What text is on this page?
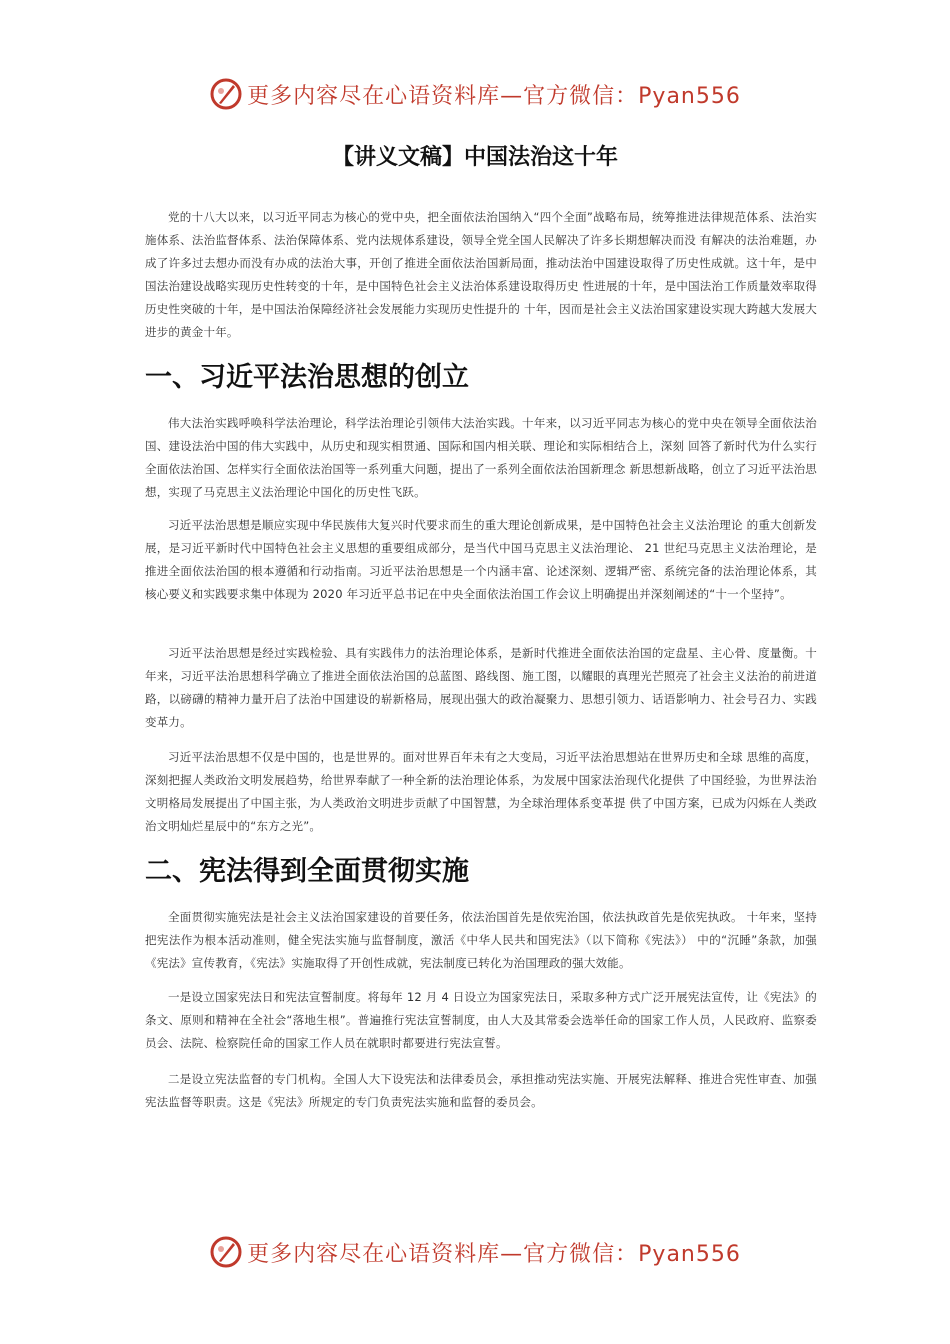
更多内容尽在心语资料库—官方微信：Pyan556
【讲义文稿】中国法治这十年

党的十八大以来，以习近平同志为核心的党中央，把全面依法治国纳入“四个全面”战略布局，统筹推进法律规范体系、法治实施体系、法治监督体系、法治保障体系、党内法规体系建设，领导全党全国人民解决了许多长期想解决而没 有解决的法治难题，办成了许多过去想办而没有办成的法治大事，开创了推进全面依法治国新局面，推动法治中国建设取得了历史性成就。这十年，是中国法治建设战略实现历史性转变的十年，是中国特色社会主义法治体系建设取得历史 性进展的十年，是中国法治工作质量效率取得历史性突破的十年，是中国法治保障经济社会发展能力实现历史性提升的 十年，因而是社会主义法治国家建设实现大跨越大发展大进步的黄金十年。

一、习近平法治思想的创立

伟大法治实践呼唤科学法治理论，科学法治理论引领伟大法治实践。十年来，以习近平同志为核心的党中央在领导全面依法治国、建设法治中国的伟大实践中，从历史和现实相贯通、国际和国内相关联、理论和实际相结合上，深刻 回答了新时代为什么实行全面依法治国、怎样实行全面依法治国等一系列重大问题，提出了一系列全面依法治国新理念 新思想新战略，创立了习近平法治思想，实现了马克思主义法治理论中国化的历史性飞跃。

习近平法治思想是顺应实现中华民族伟大复兴时代要求而生的重大理论创新成果，是中国特色社会主义法治理论 的重大创新发展，是习近平新时代中国特色社会主义思想的重要组成部分，是当代中国马克思主义法治理论、 21 世纪马克思主义法治理论，是推进全面依法治国的根本遵循和行动指南。习近平法治思想是一个内涵丰富、论述深刻、逻辑严密、系统完备的法治理论体系，其核心要义和实践要求集中体现为 2020 年习近平总书记在中央全面依法治国工作会议上明确提出并深刻阐述的“十一个坚持”。

习近平法治思想是经过实践检验、具有实践伟力的法治理论体系，是新时代推进全面依法治国的定盘星、主心骨、度量衡。十年来，习近平法治思想科学确立了推进全面依法治国的总蓝图、路线图、施工图，以耀眼的真理光芒照亮了社会主义法治的前进道路，以磅礴的精神力量开启了法治中国建设的崭新格局，展现出强大的政治凝聚力、思想引领力、话语影响力、社会号召力、实践变革力。

习近平法治思想不仅是中国的，也是世界的。面对世界百年未有之大变局，习近平法治思想站在世界历史和全球 思维的高度，深刻把握人类政治文明发展趋势，给世界奉献了一种全新的法治理论体系，为发展中国家法治现代化提供 了中国经验，为世界法治文明格局发展提出了中国主张，为人类政治文明进步贡献了中国智慧，为全球治理体系变革提 供了中国方案，已成为闪烁在人类政治文明灿烂星辰中的“东方之光”。

二、宪法得到全面贯彻实施

全面贯彻实施宪法是社会主义法治国家建设的首要任务，依法治国首先是依宪治国，依法执政首先是依宪执政。 十年来，坚持把宪法作为根本活动准则，健全宪法实施与监督制度，激活《中华人民共和国宪法》（以下简称《宪法》） 中的“沉睡”条款，加强《宪法》宣传教育，《宪法》实施取得了开创性成就，宪法制度已转化为治国理政的强大效能。

一是设立国家宪法日和宪法宣誓制度。将每年 12 月 4 日设立为国家宪法日，采取多种方式广泛开展宪法宣传，让《宪法》的条文、原则和精神在全社会“落地生根”。普遍推行宪法宣誓制度，由人大及其常委会选举任命的国家工作人员，人民政府、监察委员会、法院、检察院任命的国家工作人员在就职时都要进行宪法宣誓。

二是设立宪法监督的专门机构。全国人大下设宪法和法律委员会，承担推动宪法实施、开展宪法解释、推进合宪性审查、加强宪法监督等职责。这是《宪法》所规定的专门负责宪法实施和监督的委员会。

更多内容尽在心语资料库—官方微信：Pyan556
